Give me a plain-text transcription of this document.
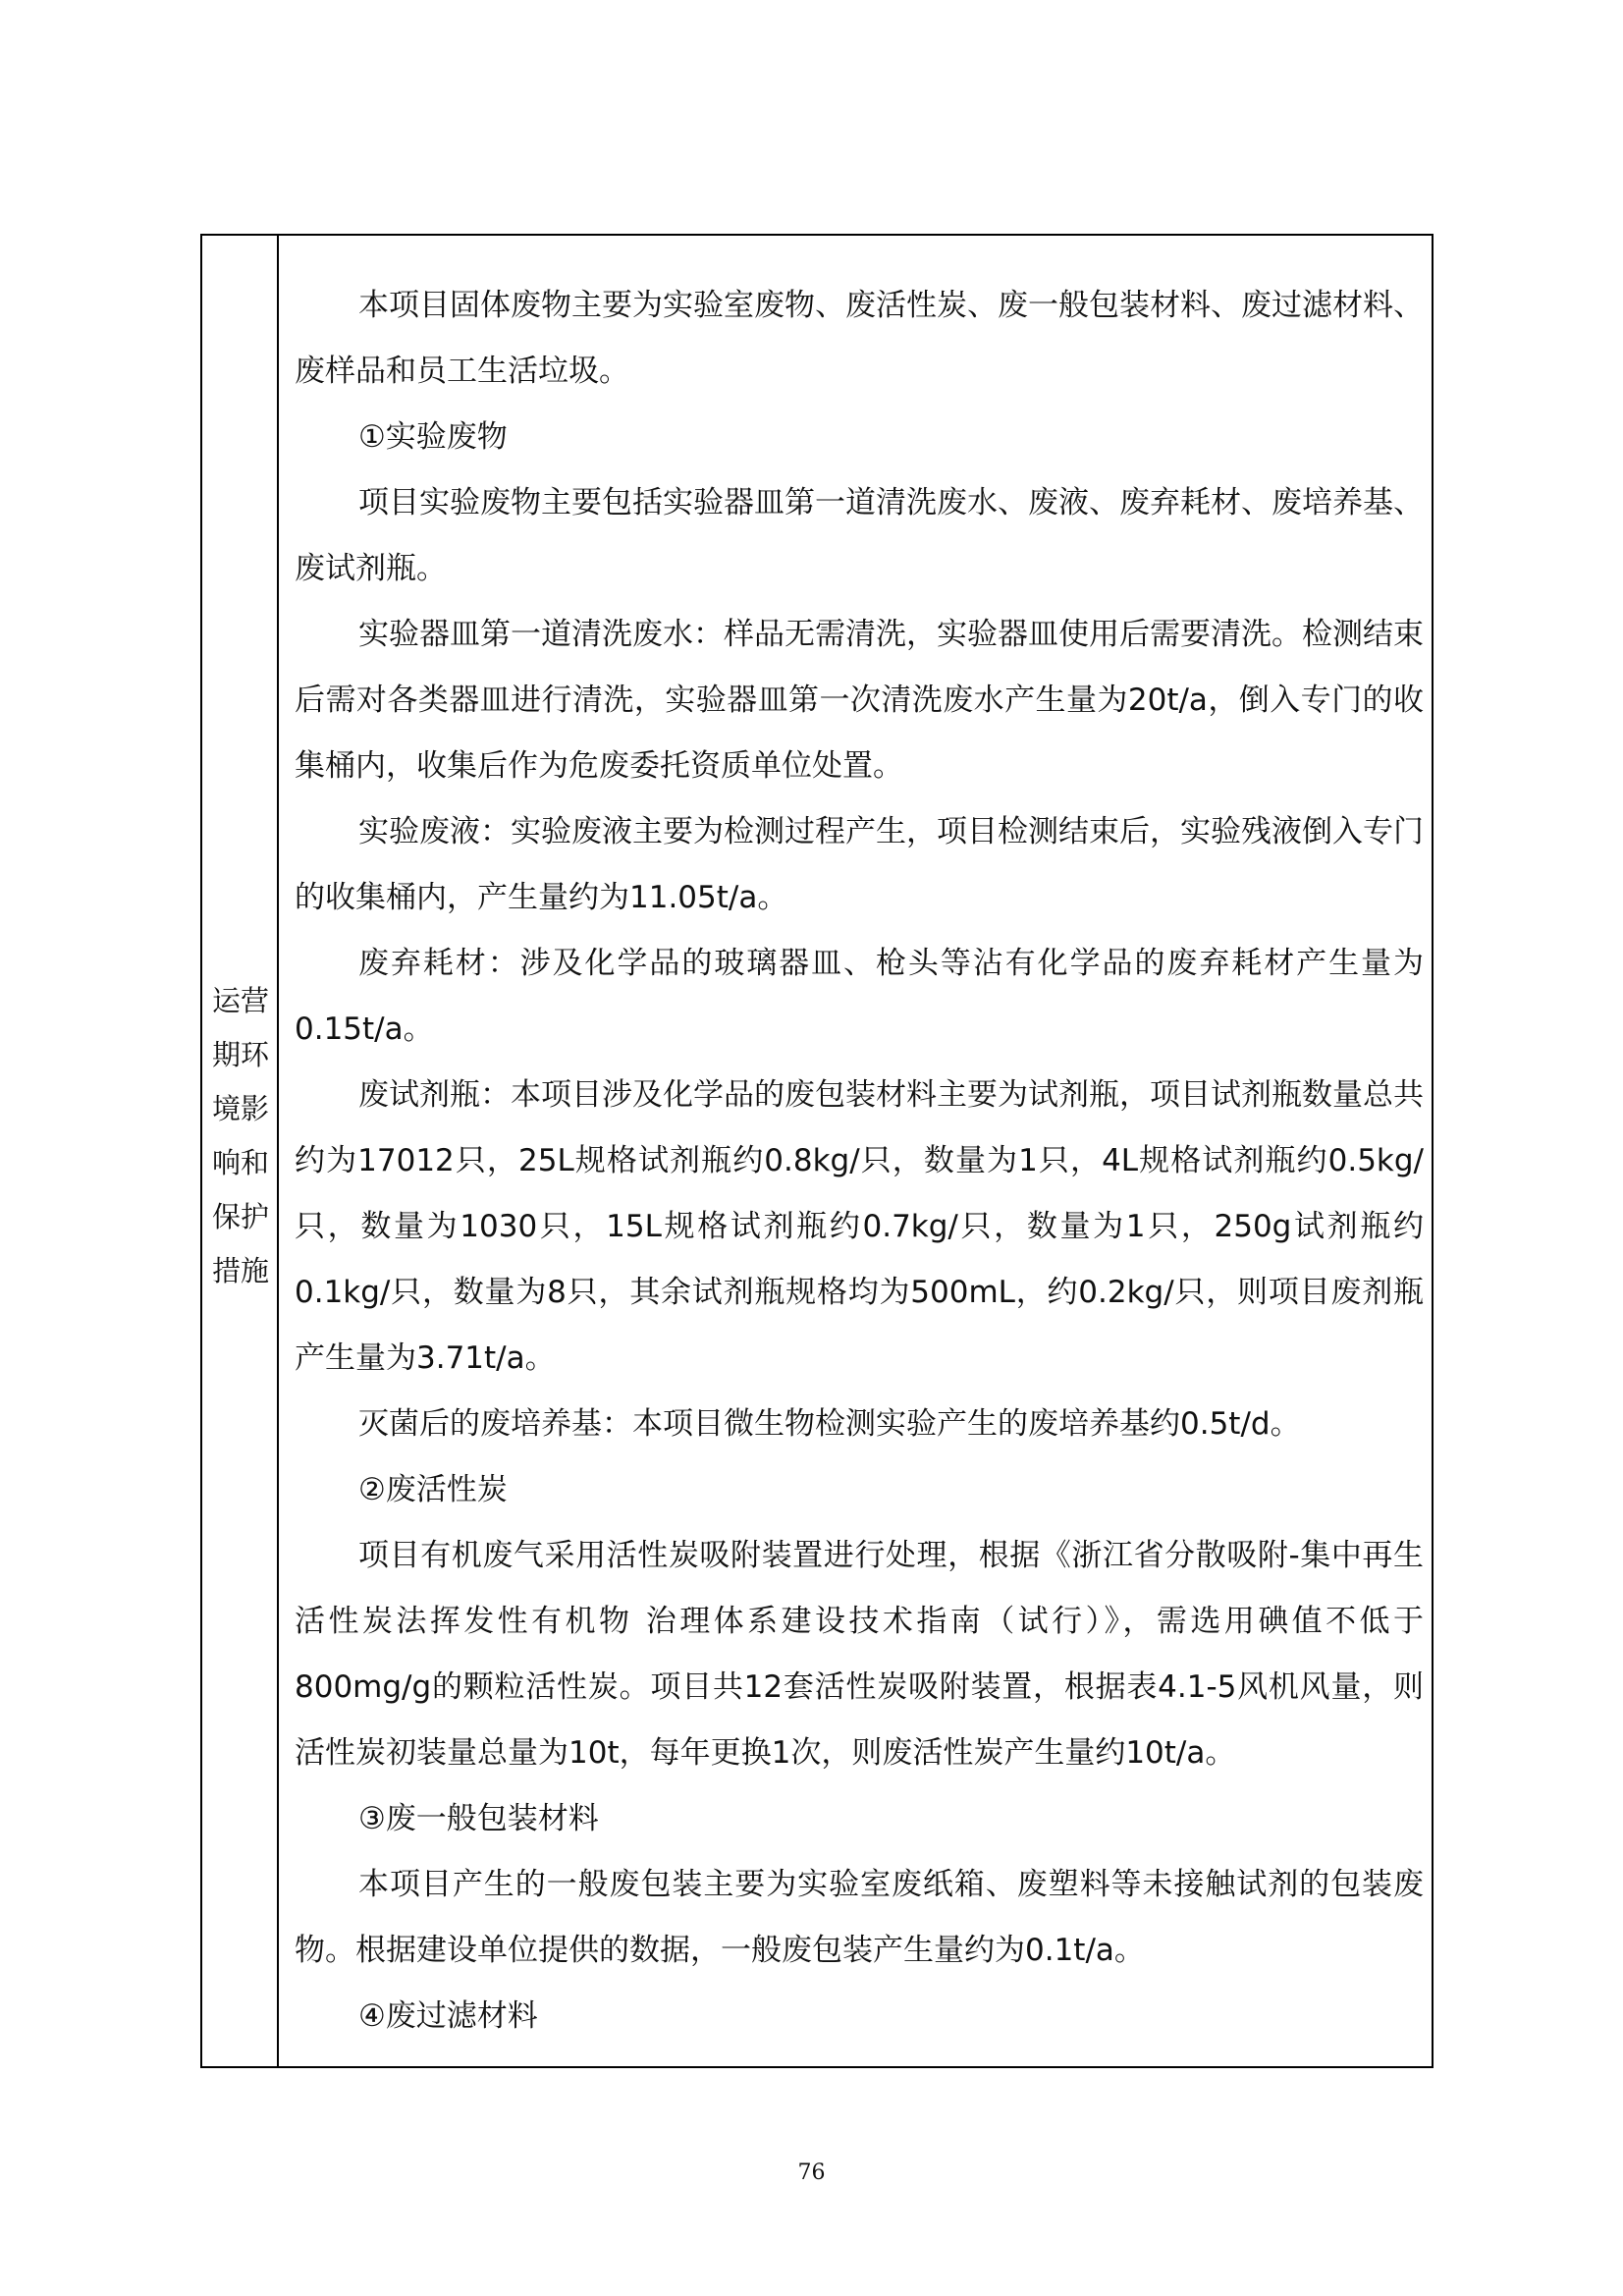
运营
期环
境影
响和
保护
措施

本项目固体废物主要为实验室废物、废活性炭、废一般包装材料、废过滤材料、废样品和员工生活垃圾。

①实验废物

项目实验废物主要包括实验器皿第一道清洗废水、废液、废弃耗材、废培养基、废试剂瓶。

实验器皿第一道清洗废水：样品无需清洗，实验器皿使用后需要清洗。检测结束后需对各类器皿进行清洗，实验器皿第一次清洗废水产生量为20t/a，倒入专门的收集桶内，收集后作为危废委托资质单位处置。

实验废液：实验废液主要为检测过程产生，项目检测结束后，实验残液倒入专门的收集桶内，产生量约为11.05t/a。

废弃耗材：涉及化学品的玻璃器皿、枪头等沾有化学品的废弃耗材产生量为0.15t/a。

废试剂瓶：本项目涉及化学品的废包装材料主要为试剂瓶，项目试剂瓶数量总共约为17012只，25L规格试剂瓶约0.8kg/只，数量为1只，4L规格试剂瓶约0.5kg/只，数量为1030只，15L规格试剂瓶约0.7kg/只，数量为1只，250g试剂瓶约0.1kg/只，数量为8只，其余试剂瓶规格均为500mL，约0.2kg/只，则项目废剂瓶产生量为3.71t/a。

灭菌后的废培养基：本项目微生物检测实验产生的废培养基约0.5t/d。

②废活性炭

项目有机废气采用活性炭吸附装置进行处理，根据《浙江省分散吸附-集中再生活性炭法挥发性有机物 治理体系建设技术指南（试行）》，需选用碘值不低于800mg/g的颗粒活性炭。项目共12套活性炭吸附装置，根据表4.1-5风机风量，则活性炭初装量总量为10t，每年更换1次，则废活性炭产生量约10t/a。

③废一般包装材料

本项目产生的一般废包装主要为实验室废纸箱、废塑料等未接触试剂的包装废物。根据建设单位提供的数据，一般废包装产生量约为0.1t/a。

④废过滤材料

76
